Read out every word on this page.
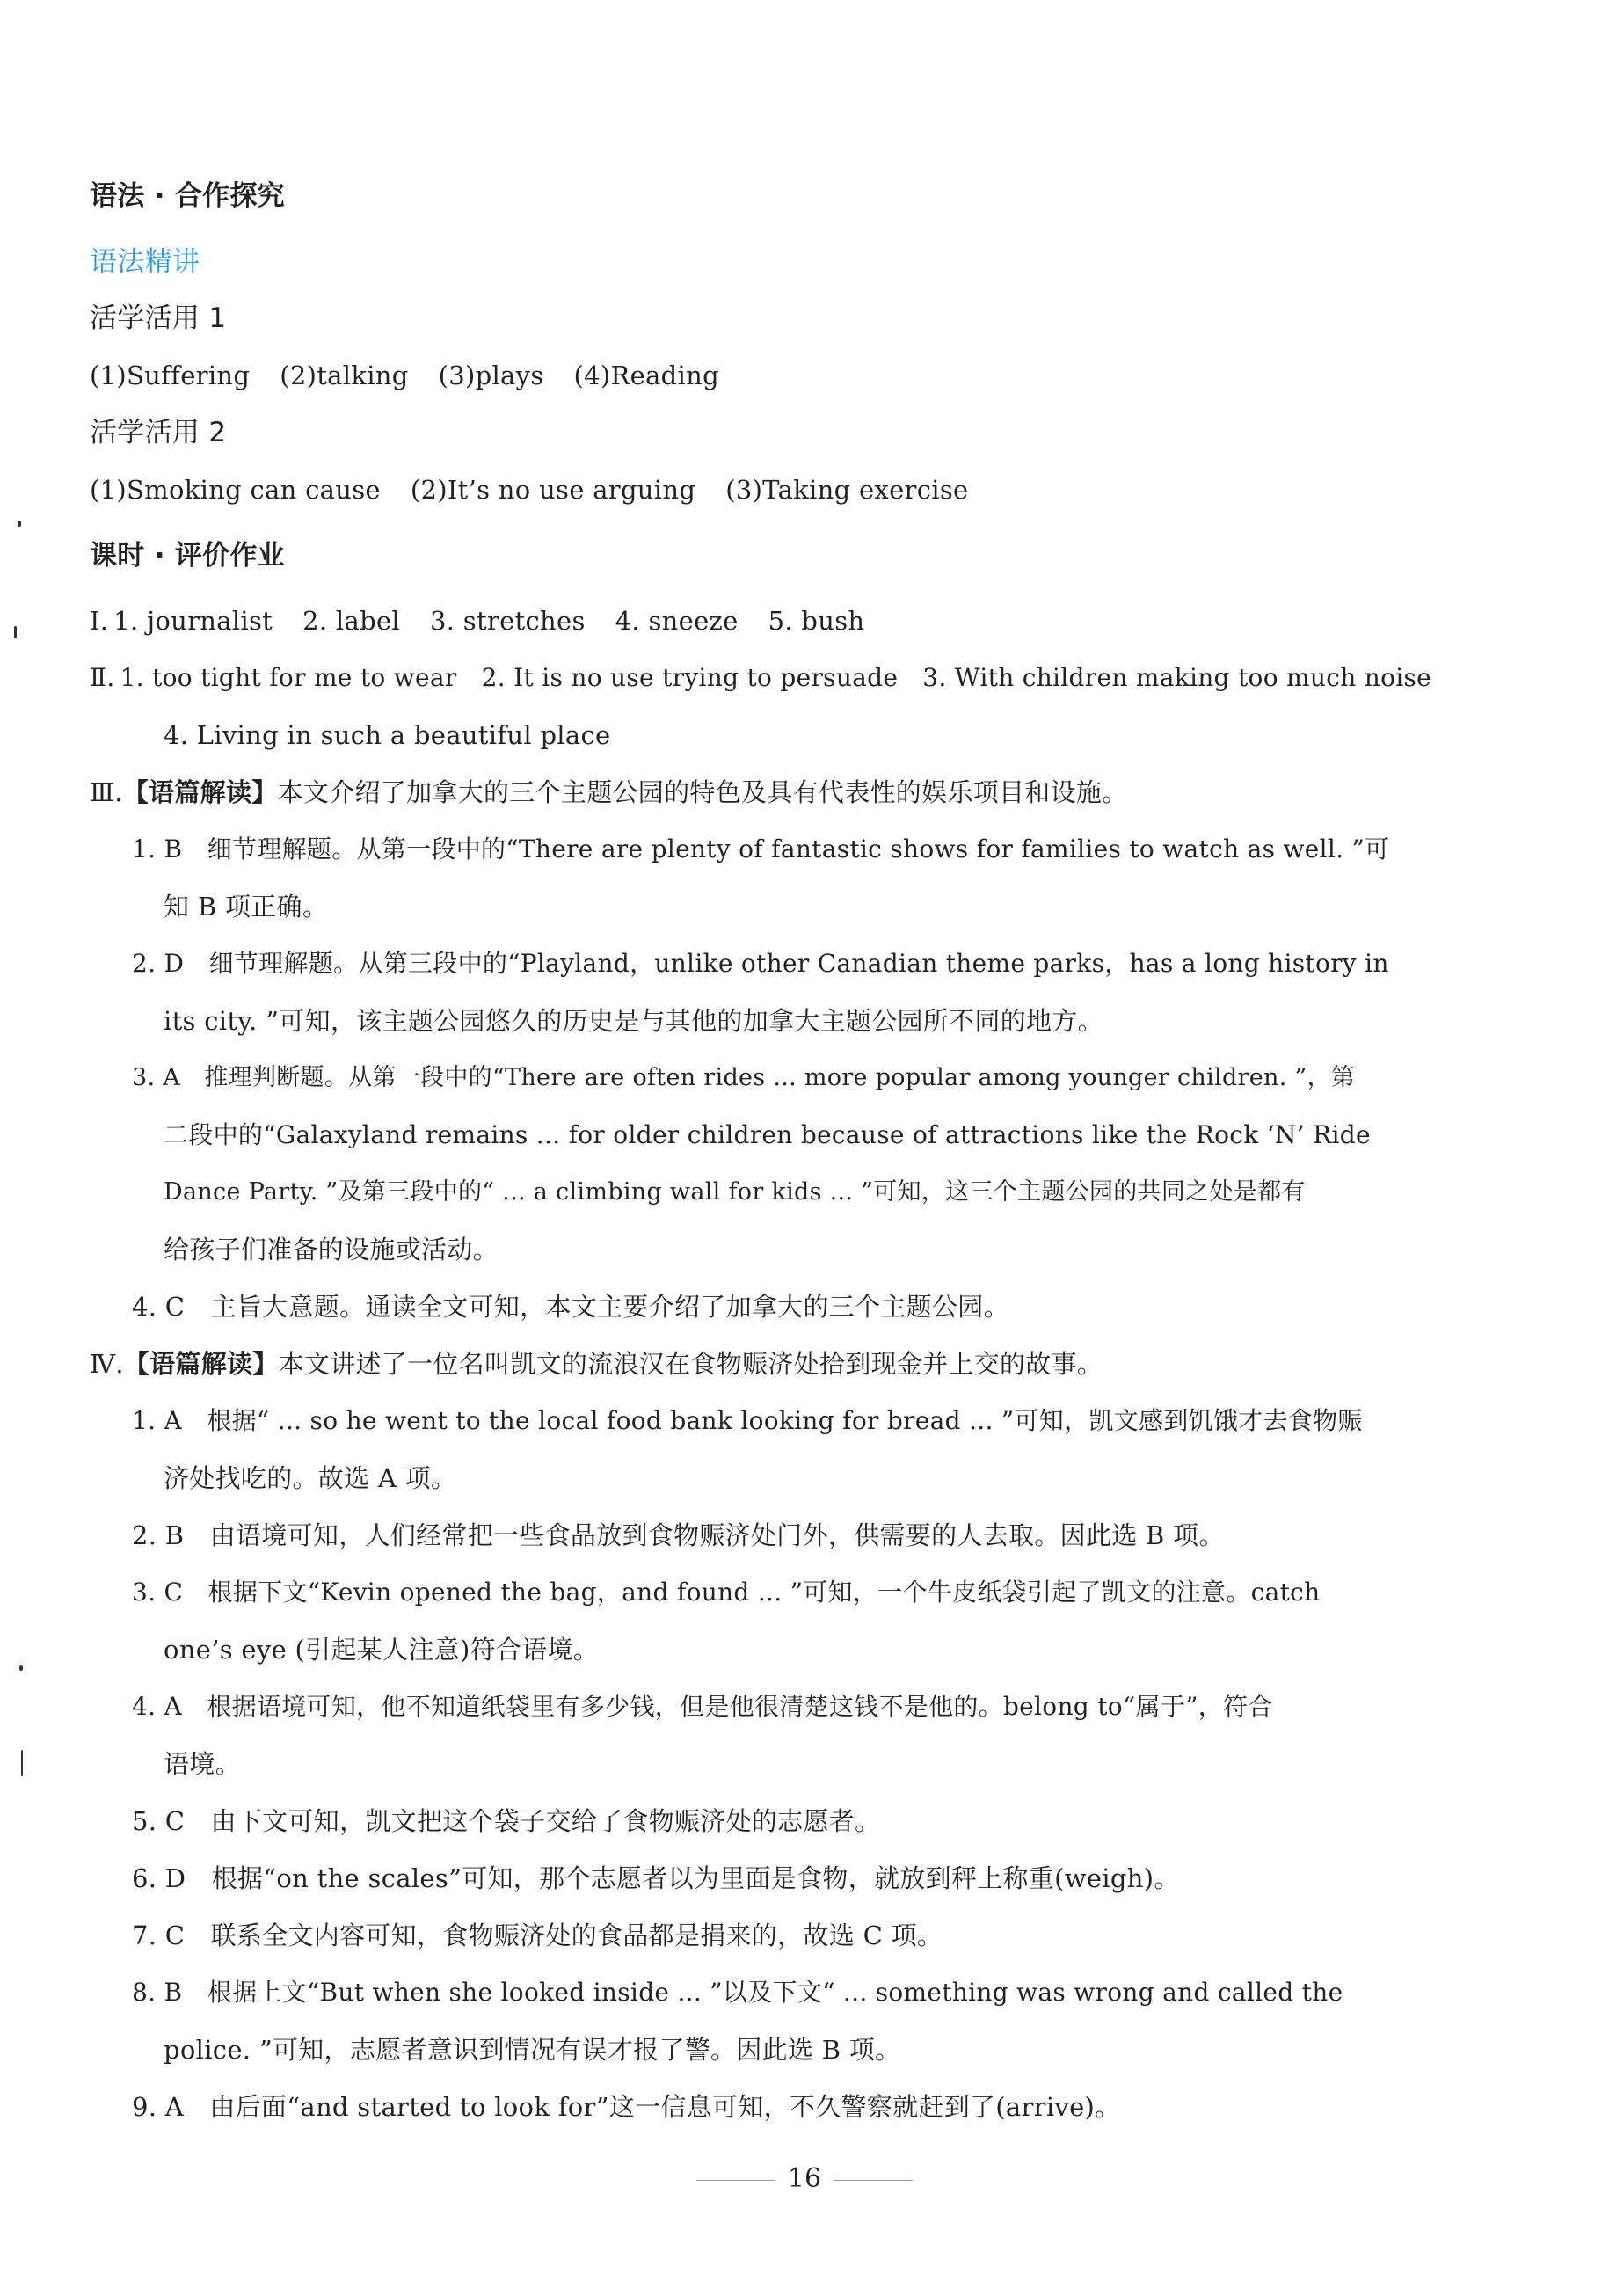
语法 · 合作探究
语法精讲
活学活用 1
(1)Suffering (2)talking (3)plays (4)Reading
活学活用 2
(1)Smoking can cause (2)It’s no use arguing (3)Taking exercise
课时 · 评价作业
Ⅰ. 1. journalist 2. label 3. stretches 4. sneeze 5. bush
Ⅱ. 1. too tight for me to wear 2. It is no use trying to persuade 3. With children making too much noise
4. Living in such a beautiful place
Ⅲ.【语篇解读】本文介绍了加拿大的三个主题公园的特色及具有代表性的娱乐项目和设施。
1. B　细节理解题。从第一段中的“There are plenty of fantastic shows for families to watch as well. ”可
知 B 项正确。
2. D　细节理解题。从第三段中的“Playland，unlike other Canadian theme parks，has a long history in
its city. ”可知，该主题公园悠久的历史是与其他的加拿大主题公园所不同的地方。
3. A　推理判断题。从第一段中的“There are often rides ... more popular among younger children. ”，第
二段中的“Galaxyland remains ... for older children because of attractions like the Rock ‘N’ Ride
Dance Party. ”及第三段中的“ ... a climbing wall for kids ... ”可知，这三个主题公园的共同之处是都有
给孩子们准备的设施或活动。
4. C　主旨大意题。通读全文可知，本文主要介绍了加拿大的三个主题公园。
Ⅳ.【语篇解读】本文讲述了一位名叫凯文的流浪汉在食物赈济处拾到现金并上交的故事。
1. A　根据“ ... so he went to the local food bank looking for bread ... ”可知，凯文感到饥饿才去食物赈
济处找吃的。故选 A 项。
2. B　由语境可知，人们经常把一些食品放到食物赈济处门外，供需要的人去取。因此选 B 项。
3. C　根据下文“Kevin opened the bag，and found ... ”可知，一个牛皮纸袋引起了凯文的注意。catch
one’s eye (引起某人注意)符合语境。
4. A　根据语境可知，他不知道纸袋里有多少钱，但是他很清楚这钱不是他的。belong to“属于”，符合
语境。
5. C　由下文可知，凯文把这个袋子交给了食物赈济处的志愿者。
6. D　根据“on the scales”可知，那个志愿者以为里面是食物，就放到秤上称重(weigh)。
7. C　联系全文内容可知，食物赈济处的食品都是捐来的，故选 C 项。
8. B　根据上文“But when she looked inside ... ”以及下文“ ... something was wrong and called the
police. ”可知，志愿者意识到情况有误才报了警。因此选 B 项。
9. A　由后面“and started to look for”这一信息可知，不久警察就赶到了(arrive)。
16
